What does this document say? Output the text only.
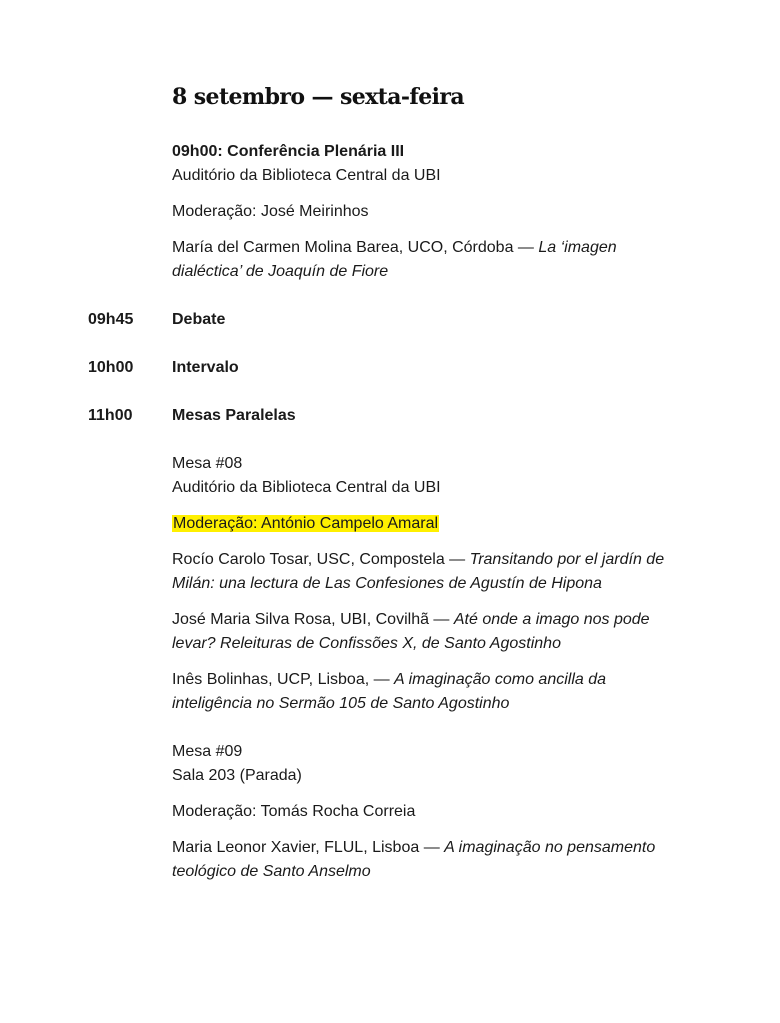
8 setembro — sexta-feira
09h00: Conferência Plenária III
Auditório da Biblioteca Central da UBI
Moderação: José Meirinhos
María del Carmen Molina Barea, UCO, Córdoba — La ‘imagen
dialéctica’ de Joaquín de Fiore
09h45 Debate
10h00 Intervalo
11h00 Mesas Paralelas
Mesa #08
Auditório da Biblioteca Central da UBI
Moderação: António Campelo Amaral
Rocío Carolo Tosar, USC, Compostela — Transitando por el jardín de
Milán: una lectura de Las Confesiones de Agustín de Hipona
José Maria Silva Rosa, UBI, Covilhã — Até onde a imago nos pode
levar? Releituras de Confissões X, de Santo Agostinho
Inês Bolinhas, UCP, Lisboa, — A imaginação como ancilla da
inteligência no Sermão 105 de Santo Agostinho
Mesa #09
Sala 203 (Parada)
Moderação: Tomás Rocha Correia
Maria Leonor Xavier, FLUL, Lisboa — A imaginação no pensamento
teológico de Santo Anselmo
